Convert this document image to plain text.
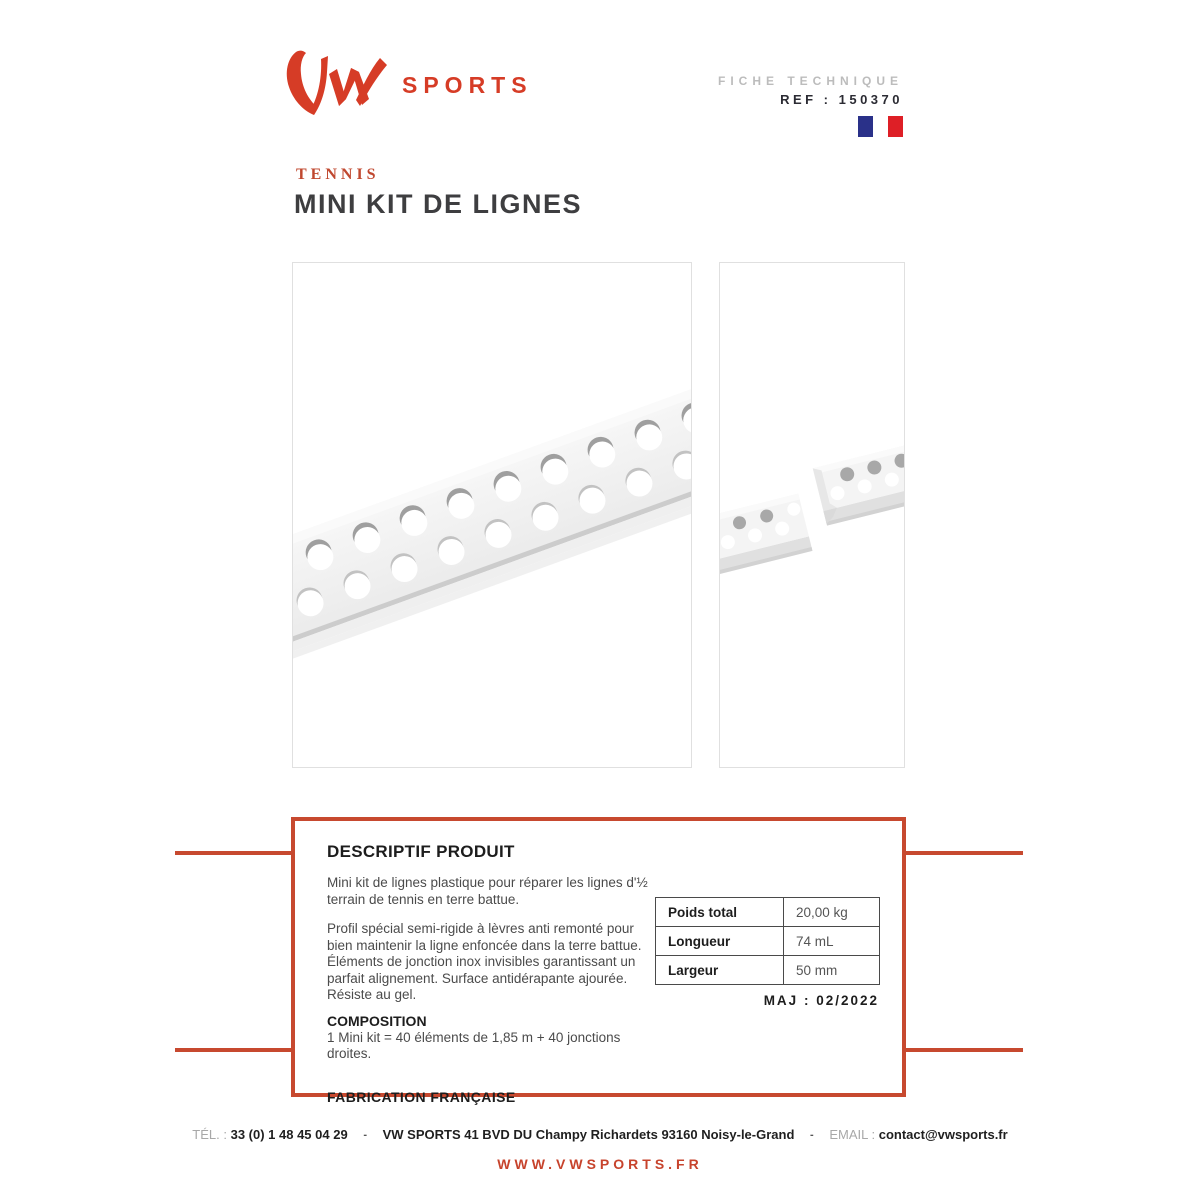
SPORTS	FICHE TECHNIQUE
REF : 150370
TENNIS
MINI KIT DE LIGNES
DESCRIPTIF PRODUIT

Mini kit de lignes plastique pour réparer les lignes d'½ terrain de tennis en terre battue.

Profil spécial semi-rigide à lèvres anti remonté pour bien maintenir la ligne enfoncée dans la terre battue. Éléments de jonction inox invisibles garantissant un parfait alignement. Surface antidérapante ajourée. Résiste au gel.

COMPOSITION

1 Mini kit = 40 éléments de 1,85 m + 40 jonctions droites.

FABRICATION FRANÇAISE
Poids total	20,00 kg
Longueur	74 mL
Largeur	50 mm
MAJ : 02/2022
TÉL. : 33 (0) 1 48 45 04 29 - VW SPORTS 41 BVD DU Champy Richardets 93160 Noisy-le-Grand - EMAIL : contact@vwsports.fr
WWW.VWSPORTS.FR
